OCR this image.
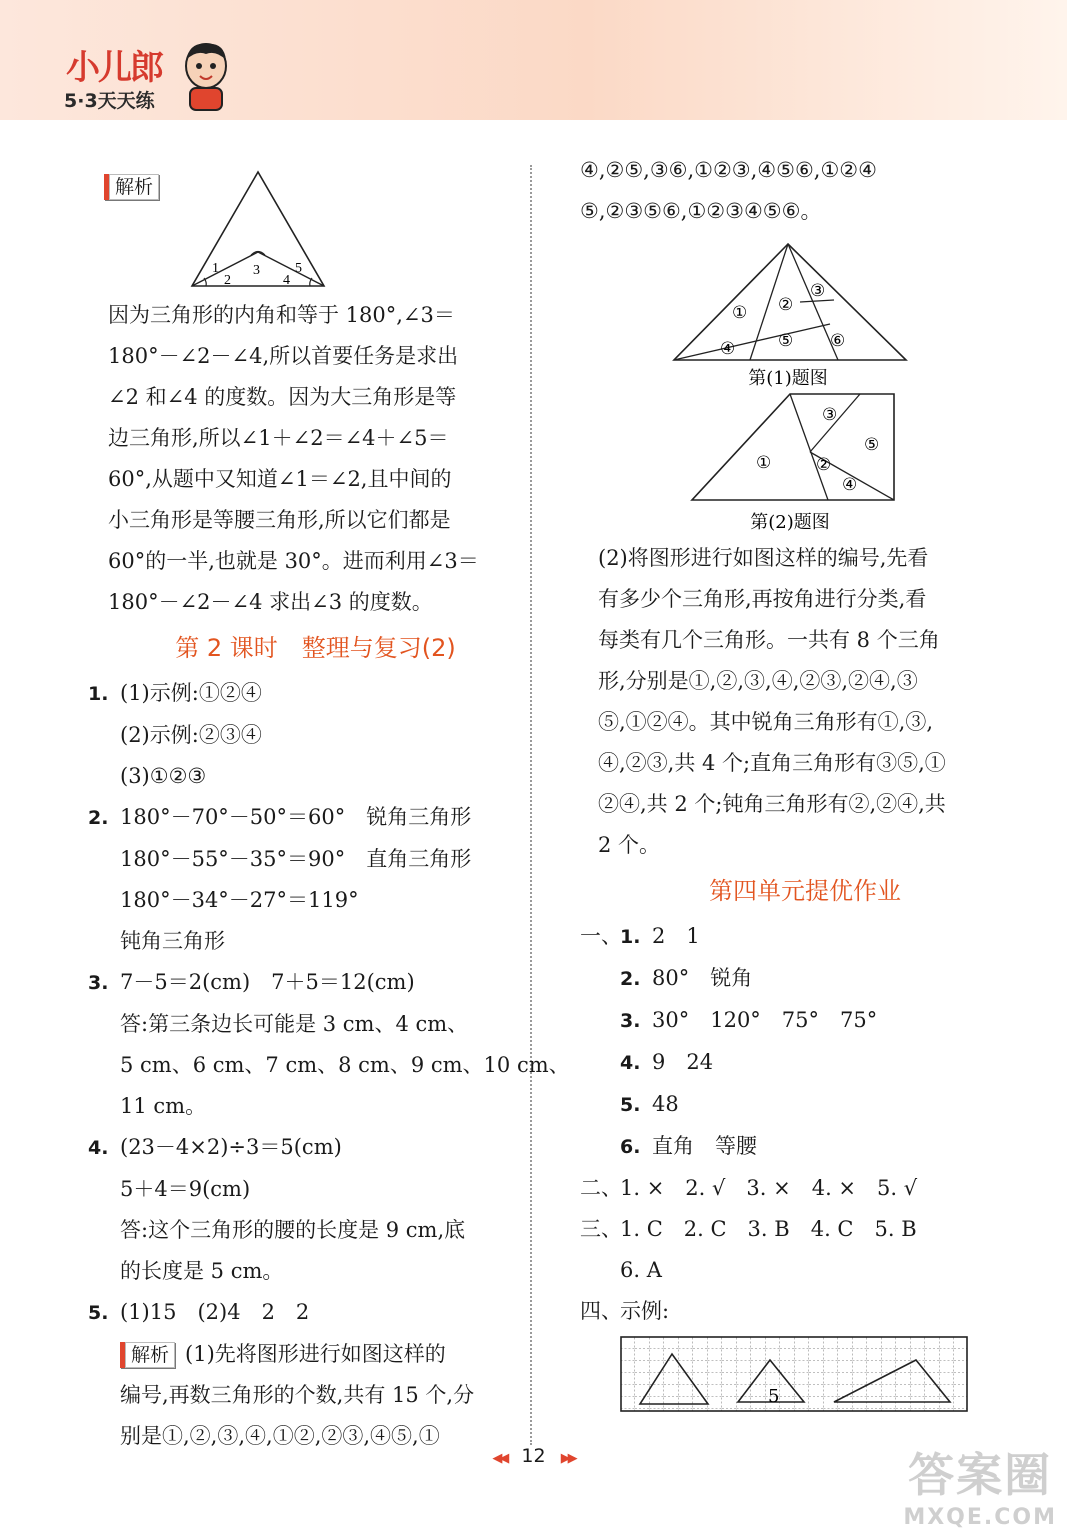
小儿郎
5·3天天练
解析
1
2
3
4
5
因为三角形的内角和等于 180°,∠3＝
180°－∠2－∠4,所以首要任务是求出
∠2 和∠4 的度数。因为大三角形是等
边三角形,所以∠1＋∠2＝∠4＋∠5＝
60°,从题中又知道∠1＝∠2,且中间的
小三角形是等腰三角形,所以它们都是
60°的一半,也就是 30°。进而利用∠3＝
180°－∠2－∠4 求出∠3 的度数。
第 2 课时　整理与复习(2)
1. (1)示例:①②④
(2)示例:②③④
(3)①②③
2. 180°－70°－50°＝60°　锐角三角形
180°－55°－35°＝90°　直角三角形
180°－34°－27°＝119°
钝角三角形
3. 7－5＝2(cm)　7＋5＝12(cm)
答:第三条边长可能是 3 cm、4 cm、
5 cm、6 cm、7 cm、8 cm、9 cm、10 cm、
11 cm。
4. (23－4×2)÷3＝5(cm)
5＋4＝9(cm)
答:这个三角形的腰的长度是 9 cm,底
的长度是 5 cm。
5. (1)15　(2)4　2　2
解析 (1)先将图形进行如图这样的
编号,再数三角形的个数,共有 15 个,分
别是①,②,③,④,①②,②③,④⑤,①
④,②⑤,③⑥,①②③,④⑤⑥,①②④
⑤,②③⑤⑥,①②③④⑤⑥。
① ②
③
④	⑤ ⑥
第(1)题图
①	②
③
④
⑤
第(2)题图
(2)将图形进行如图这样的编号,先看
有多少个三角形,再按角进行分类,看
每类有几个三角形。一共有 8 个三角
形,分别是①,②,③,④,②③,②④,③
⑤,①②④。其中锐角三角形有①,③,
④,②③,共 4 个;直角三角形有③⑤,①
②④,共 2 个;钝角三角形有②,②④,共
2 个。
第四单元提优作业
一、1. 2　1
2. 80°　锐角
3. 30°　120°　75°　75°
4. 9　24
5. 48
6. 直角　等腰
二、1. ×　2. √　3. ×　4. ×　5. √
三、1. C　2. C　3. B　4. C　5. B
6. A
四、示例:
5
◀◀ 12 ▶▶	答案圈
MXQE.COM
